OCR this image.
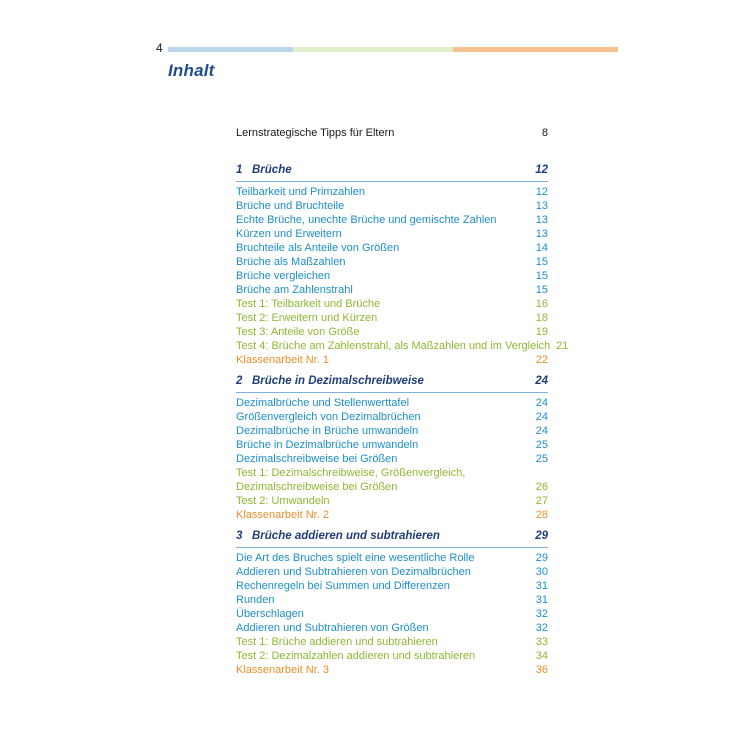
4
Inhalt
Lernstrategische Tipps für Eltern	8
1 Brüche	12
Teilbarkeit und Primzahlen	12
Brüche und Bruchteile	13
Echte Brüche, unechte Brüche und gemischte Zahlen	13
Kürzen und Erweitern	13
Bruchteile als Anteile von Größen	14
Brüche als Maßzahlen	15
Brüche vergleichen	15
Brüche am Zahlenstrahl	15
Test 1: Teilbarkeit und Brüche	16
Test 2: Erweitern und Kürzen	18
Test 3: Anteile von Größe	19
Test 4: Brüche am Zahlenstrahl, als Maßzahlen und im Vergleich 21
Klassenarbeit Nr. 1	22
2 Brüche in Dezimalschreibweise	24
Dezimalbrüche und Stellenwerttafel	24
Größenvergleich von Dezimalbrüchen	24
Dezimalbrüche in Brüche umwandeln	24
Brüche in Dezimalbrüche umwandeln	25
Dezimalschreibweise bei Größen	25
Test 1: Dezimalschreibweise, Größenvergleich,
Dezimalschreibweise bei Größen	26
Test 2: Umwandeln	27
Klassenarbeit Nr. 2	28
3 Brüche addieren und subtrahieren	29
Die Art des Bruches spielt eine wesentliche Rolle	29
Addieren und Subtrahieren von Dezimalbrüchen	30
Rechenregeln bei Summen und Differenzen	31
Runden	31
Überschlagen	32
Addieren und Subtrahieren von Größen	32
Test 1: Brüche addieren und subtrahieren	33
Test 2: Dezimalzahlen addieren und subtrahieren	34
Klassenarbeit Nr. 3	36
